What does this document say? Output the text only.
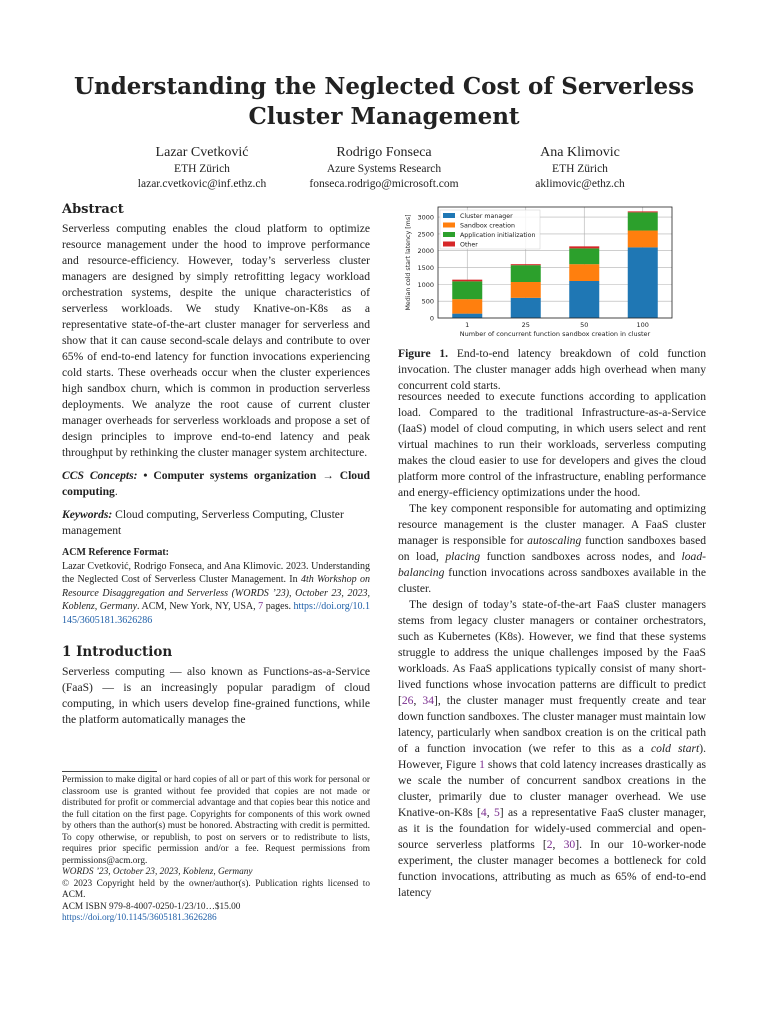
Understanding the Neglected Cost of Serverless
Cluster Management
Lazar Cvetković
ETH Zürich
lazar.cvetkovic@inf.ethz.ch
Rodrigo Fonseca
Azure Systems Research
fonseca.rodrigo@microsoft.com
Ana Klimovic
ETH Zürich
aklimovic@ethz.ch
Abstract

Serverless computing enables the cloud platform to optimize resource management under the hood to improve performance and resource-efficiency. However, today’s serverless cluster managers are designed by simply retrofitting legacy workload orchestration systems, despite the unique characteristics of serverless workloads. We study Knative-on-K8s as a representative state-of-the-art cluster manager for serverless and show that it can cause second-scale delays and contribute to over 65% of end-to-end latency for function invocations experiencing cold starts. These overheads occur when the cluster experiences high sandbox churn, which is common in production serverless deployments. We analyze the root cause of current cluster manager overheads for serverless workloads and propose a set of design principles to improve end-to-end latency and peak throughput by rethinking the cluster manager system architecture.

CCS Concepts: • Computer systems organization → Cloud computing.

Keywords: Cloud computing, Serverless Computing, Cluster management

ACM Reference Format:

Lazar Cvetković, Rodrigo Fonseca, and Ana Klimovic. 2023. Understanding the Neglected Cost of Serverless Cluster Management. In 4th Workshop on Resource Disaggregation and Serverless (WORDS ’23), October 23, 2023, Koblenz, Germany. ACM, New York, NY, USA, 7 pages. https://doi.org/10.1145/3605181.3626286

1 Introduction

Serverless computing — also known as Functions-as-a-Service (FaaS) — is an increasingly popular paradigm of cloud computing, in which users develop fine-grained functions, while the platform automatically manages the

Permission to make digital or hard copies of all or part of this work for personal or classroom use is granted without fee provided that copies are not made or distributed for profit or commercial advantage and that copies bear this notice and the full citation on the first page. Copyrights for components of this work owned by others than the author(s) must be honored. Abstracting with credit is permitted. To copy otherwise, or republish, to post on servers or to redistribute to lists, requires prior specific permission and/or a fee. Request permissions from permissions@acm.org.

WORDS ’23, October 23, 2023, Koblenz, Germany

© 2023 Copyright held by the owner/author(s). Publication rights licensed to ACM.

ACM ISBN 979-8-4007-0250-1/23/10…$15.00

https://doi.org/10.1145/3605181.3626286

0
500
1000
1500
2000
2500
3000
1	25	50	100
Cluster manager
Sandbox creation
Application initialization
Other
Number of concurrent function sandbox creation in cluster
Median cold start latency [ms]

Figure 1. End-to-end latency breakdown of cold function invocation. The cluster manager adds high overhead when many concurrent cold starts.

resources needed to execute functions according to application load. Compared to the traditional Infrastructure-as-a-Service (IaaS) model of cloud computing, in which users select and rent virtual machines to run their workloads, serverless computing makes the cloud easier to use for developers and gives the cloud platform more control of the infrastructure, enabling performance and energy-efficiency optimizations under the hood.

The key component responsible for automating and optimizing resource management is the cluster manager. A FaaS cluster manager is responsible for autoscaling function sandboxes based on load, placing function sandboxes across nodes, and load-balancing function invocations across sandboxes available in the cluster.

The design of today’s state-of-the-art FaaS cluster managers stems from legacy cluster managers or container orchestrators, such as Kubernetes (K8s). However, we find that these systems struggle to address the unique challenges imposed by the FaaS workloads. As FaaS applications typically consist of many short-lived functions whose invocation patterns are difficult to predict [26, 34], the cluster manager must frequently create and tear down function sandboxes. The cluster manager must maintain low latency, particularly when sandbox creation is on the critical path of a function invocation (we refer to this as a cold start). However, Figure 1 shows that cold latency increases drastically as we scale the number of concurrent sandbox creations in the cluster, primarily due to cluster manager overhead. We use Knative-on-K8s [4, 5] as a representative FaaS cluster manager, as it is the foundation for widely-used commercial and open-source serverless platforms [2, 30]. In our 10-worker-node experiment, the cluster manager becomes a bottleneck for cold function invocations, attributing as much as 65% of end-to-end latency
